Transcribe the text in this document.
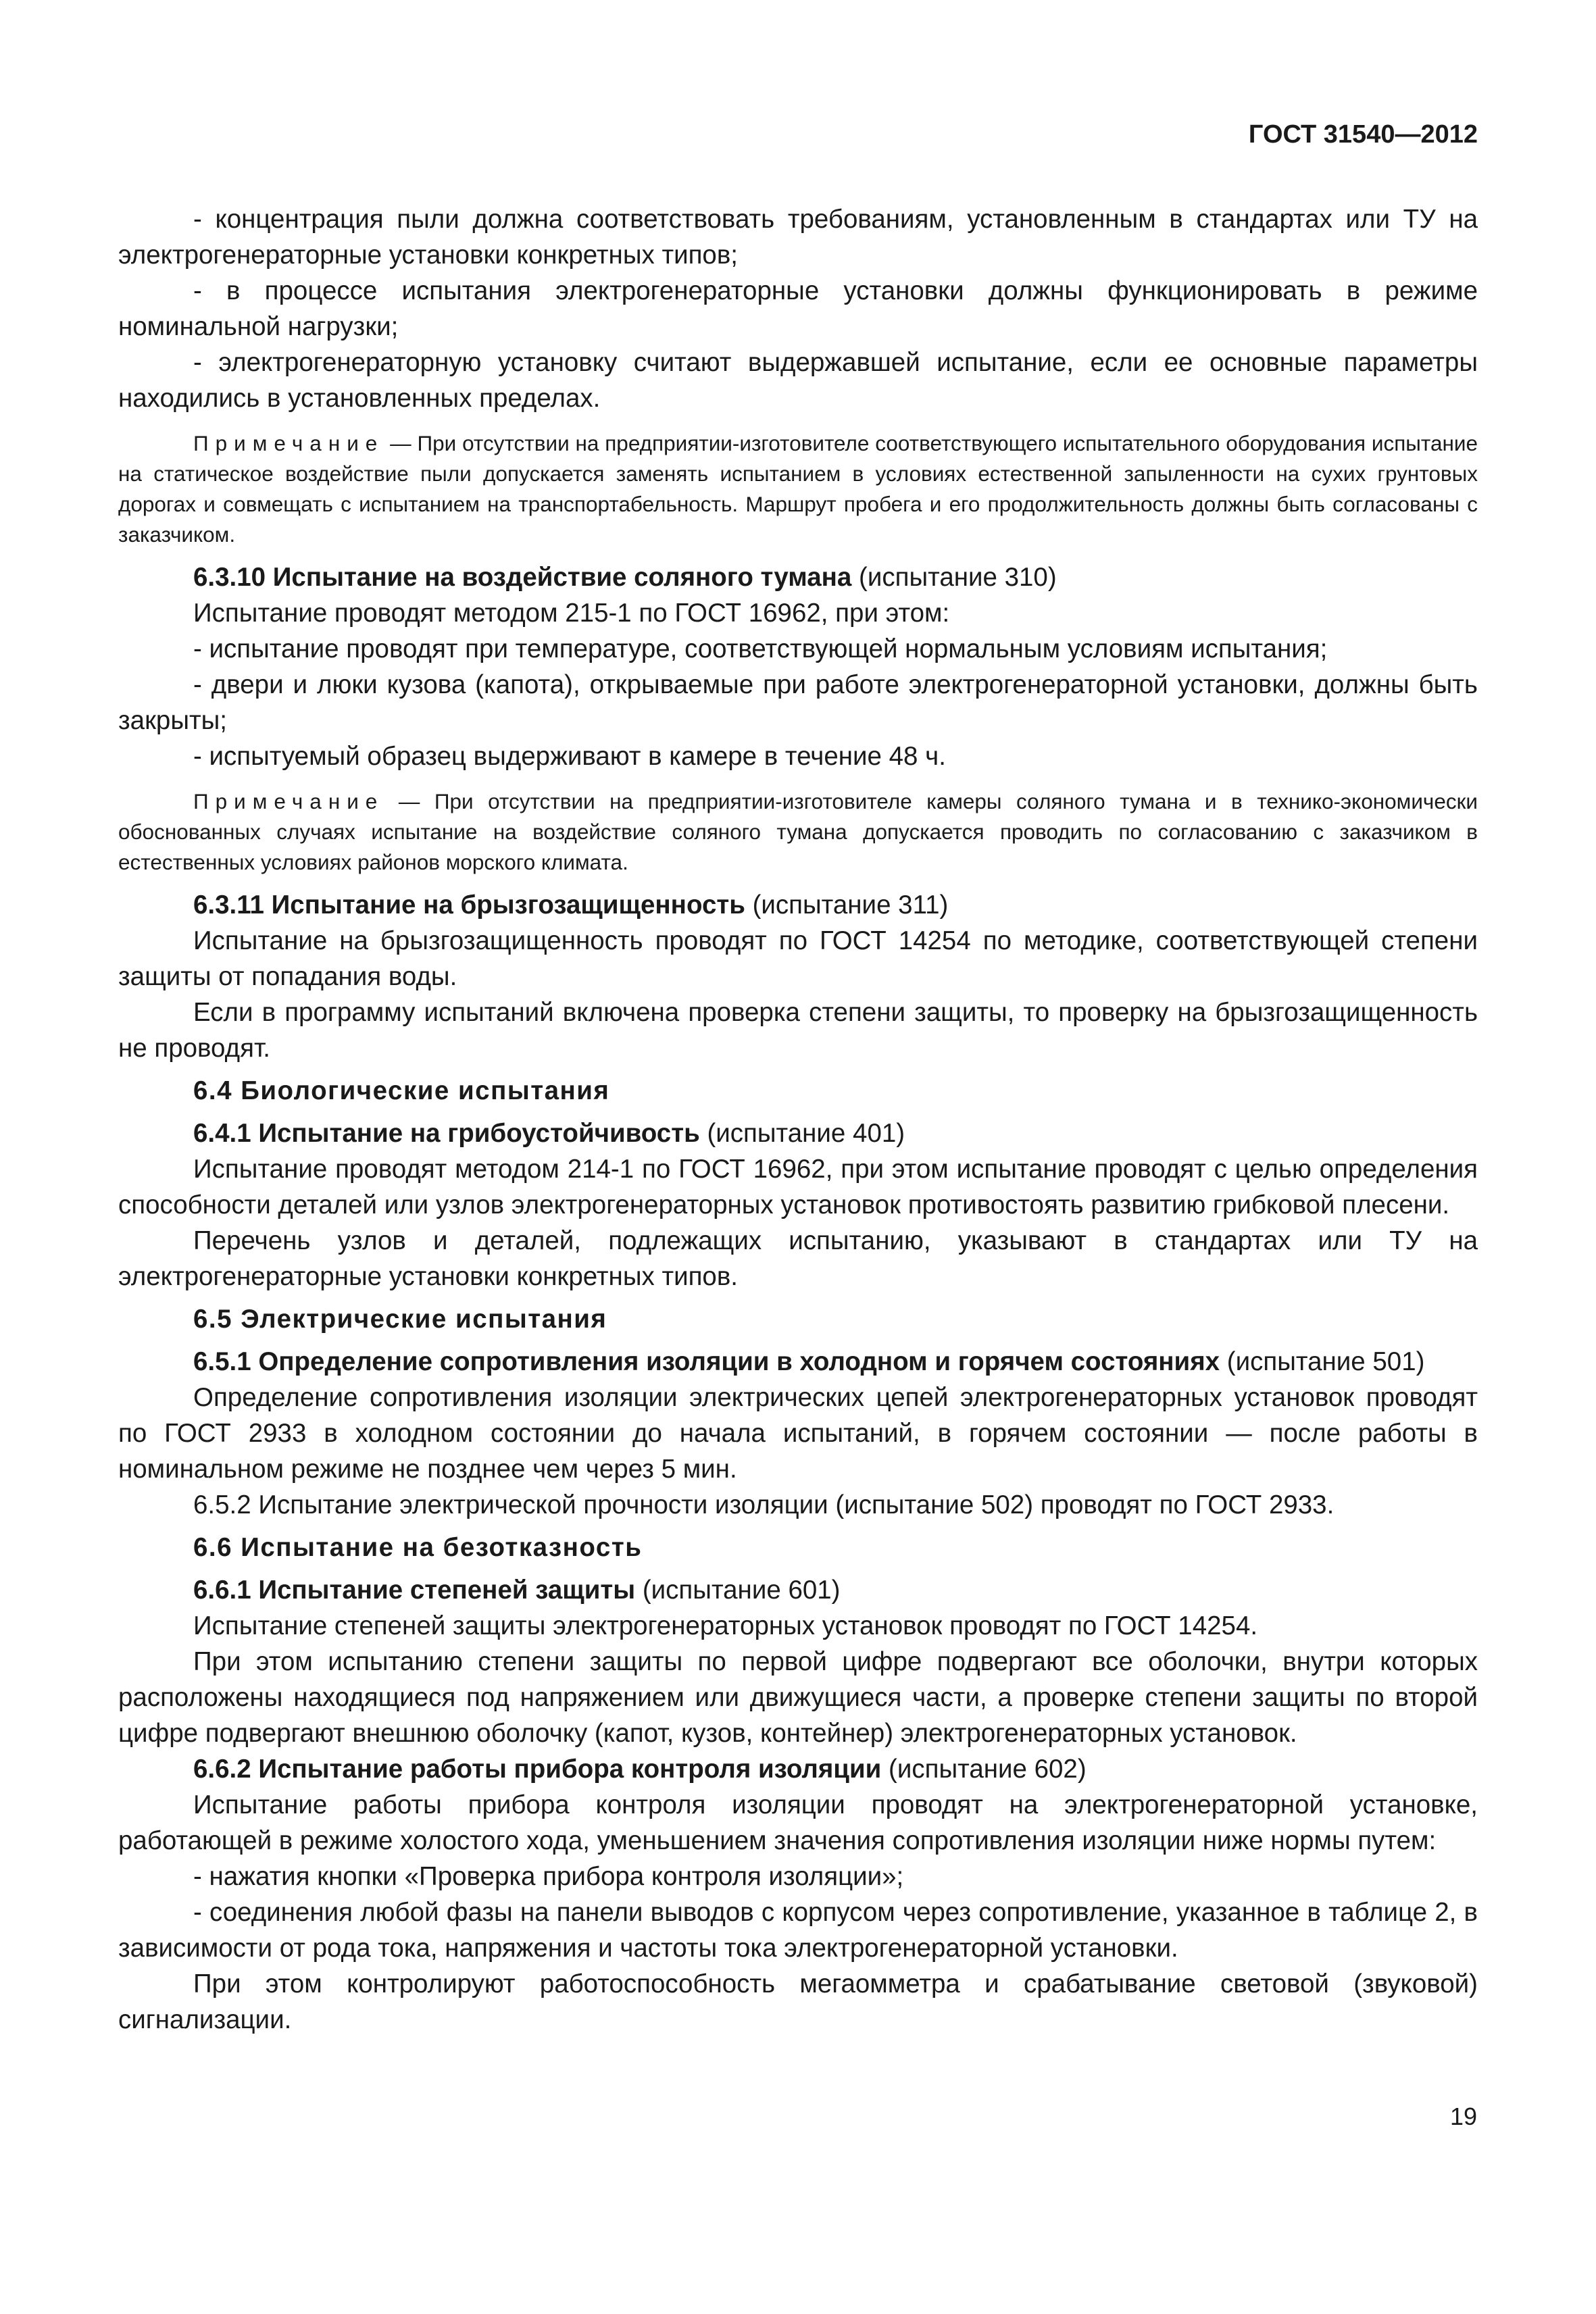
ГОСТ 31540—2012

- концентрация пыли должна соответствовать требованиям, установленным в стандартах или ТУ на электрогенераторные установки конкретных типов;

- в процессе испытания электрогенераторные установки должны функционировать в режиме номинальной нагрузки;

- электрогенераторную установку считают выдержавшей испытание, если ее основные параметры находились в установленных пределах.

Примечание — При отсутствии на предприятии-изготовителе соответствующего испытательного оборудования испытание на статическое воздействие пыли допускается заменять испытанием в условиях естественной запыленности на сухих грунтовых дорогах и совмещать с испытанием на транспортабельность. Маршрут пробега и его продолжительность должны быть согласованы с заказчиком.

6.3.10 Испытание на воздействие соляного тумана (испытание 310)

Испытание проводят методом 215-1 по ГОСТ 16962, при этом:

- испытание проводят при температуре, соответствующей нормальным условиям испытания;

- двери и люки кузова (капота), открываемые при работе электрогенераторной установки, должны быть закрыты;

- испытуемый образец выдерживают в камере в течение 48 ч.

Примечание — При отсутствии на предприятии-изготовителе камеры соляного тумана и в технико-экономически обоснованных случаях испытание на воздействие соляного тумана допускается проводить по согласованию с заказчиком в естественных условиях районов морского климата.

6.3.11 Испытание на брызгозащищенность (испытание 311)

Испытание на брызгозащищенность проводят по ГОСТ 14254 по методике, соответствующей степени защиты от попадания воды.

Если в программу испытаний включена проверка степени защиты, то проверку на брызгозащищенность не проводят.

6.4 Биологические испытания

6.4.1 Испытание на грибоустойчивость (испытание 401)

Испытание проводят методом 214-1 по ГОСТ 16962, при этом испытание проводят с целью определения способности деталей или узлов электрогенераторных установок противостоять развитию грибковой плесени.

Перечень узлов и деталей, подлежащих испытанию, указывают в стандартах или ТУ на электрогенераторные установки конкретных типов.

6.5 Электрические испытания

6.5.1 Определение сопротивления изоляции в холодном и горячем состояниях (испытание 501)

Определение сопротивления изоляции электрических цепей электрогенераторных установок проводят по ГОСТ 2933 в холодном состоянии до начала испытаний, в горячем состоянии — после работы в номинальном режиме не позднее чем через 5 мин.

6.5.2 Испытание электрической прочности изоляции (испытание 502) проводят по ГОСТ 2933.

6.6 Испытание на безотказность

6.6.1 Испытание степеней защиты (испытание 601)

Испытание степеней защиты электрогенераторных установок проводят по ГОСТ 14254.

При этом испытанию степени защиты по первой цифре подвергают все оболочки, внутри которых расположены находящиеся под напряжением или движущиеся части, а проверке степени защиты по второй цифре подвергают внешнюю оболочку (капот, кузов, контейнер) электрогенераторных установок.

6.6.2 Испытание работы прибора контроля изоляции (испытание 602)

Испытание работы прибора контроля изоляции проводят на электрогенераторной установке, работающей в режиме холостого хода, уменьшением значения сопротивления изоляции ниже нормы путем:

- нажатия кнопки «Проверка прибора контроля изоляции»;

- соединения любой фазы на панели выводов с корпусом через сопротивление, указанное в таблице 2, в зависимости от рода тока, напряжения и частоты тока электрогенераторной установки.

При этом контролируют работоспособность мегаомметра и срабатывание световой (звуковой) сигнализации.

19
